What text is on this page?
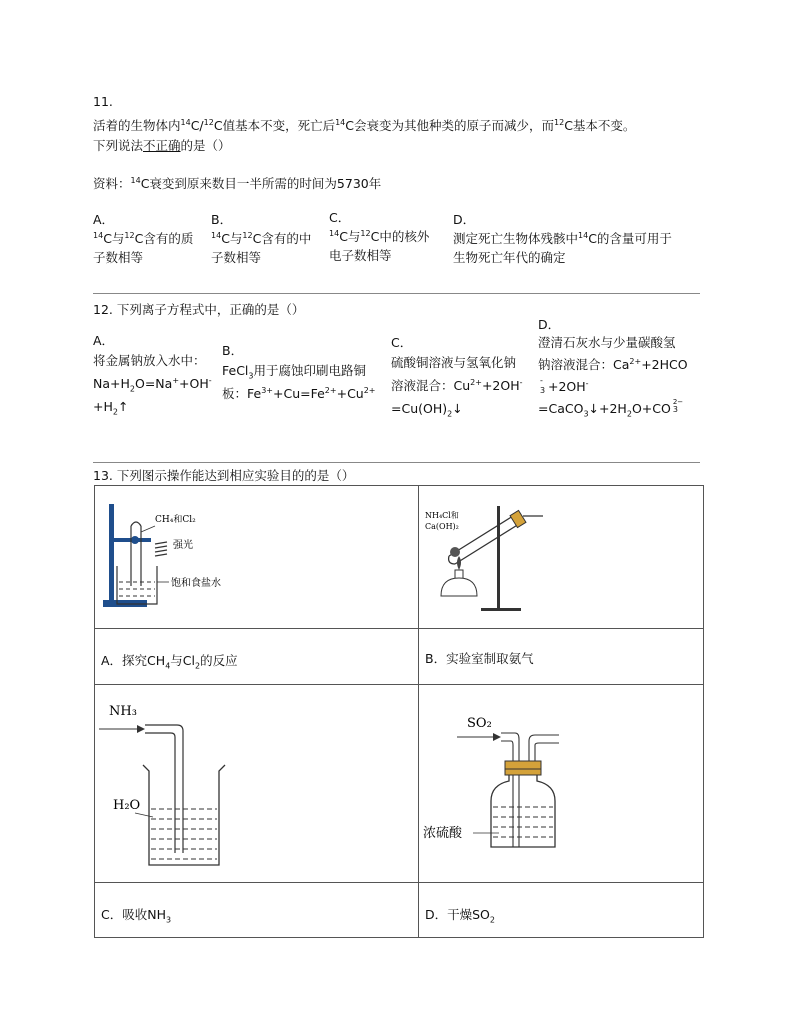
11.
活着的生物体内$^{14}$C/$^{12}$C值基本不变，死亡后$^{14}$C会衰变为其他种类的原子而减少，而$^{12}$C基本不变。
下列说法不正确的是（）
资料：$^{14}$C衰变到原来数目一半所需的时间为5730年
A．
$^{14}$C与$^{12}$C含有的质
子数相等
B．
$^{14}$C与$^{12}$C含有的中
子数相等
C．
$^{14}$C与$^{12}$C中的核外
电子数相等
D．
测定死亡生物体残骸中$^{14}$C的含量可用于
生物死亡年代的确定
12. 下列离子方程式中，正确的是（）
A．
将金属钠放入水中：
$Na+H_2O=Na^++OH^-$
$+H_2↑$
B．
FeCl$_3$用于腐蚀印刷电路铜
板：$Fe^{3+}+Cu=Fe^{2+}+Cu^{2+}$
C．
硫酸铜溶液与氢氧化钠
溶液混合：$Cu^{2+}+2OH^-$
$=Cu(OH)_2↓$
D．
澄清石灰水与少量碳酸氢
钠溶液混合：$Ca^{2+}+2HCO$
-
3 +2OH-
$=CaCO_3↓+2H_2O+CO$ 2−
3
13. 下列图示操作能达到相应实验目的的是（）
CH₄和Cl₂
强光
饱和食盐水	NH₄Cl和
Ca(OH)₂

A．探究$CH_4$与$Cl_2$的反应	B．实验室制取氨气

NH₃
H₂O	SO₂
浓硫酸

C．吸收$NH_3$	D．干燥$SO_2$
